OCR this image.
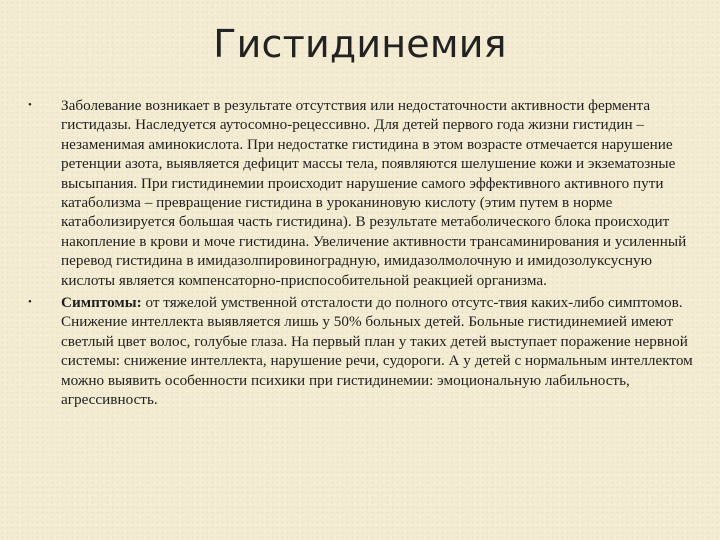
Гистидинемия
• Заболевание возникает в результате отсутствия или недостаточности активности фермента гистидазы. Наследуется аутосомно-рецессивно. Для детей первого года жизни гистидин – незаменимая аминокислота. При недостатке гистидина в этом возрасте отмечается нарушение ретенции азота, выявляется дефицит массы тела, появляются шелушение кожи и экзематозные высыпания. При гистидинемии происходит нарушение самого эффективного активного пути катаболизма – превращение гистидина в уроканиновую кислоту (этим путем в норме катаболизируется большая часть гистидина). В результате метаболического блока происходит накопление в крови и моче гистидина. Увеличение активности трансаминирования и усиленный перевод гистидина в имидазолпировиноградную, имидазолмолочную и имидозолуксусную кислоты является компенсаторно-приспособительной реакцией организма.
• Симптомы: от тяжелой умственной отсталости до полного отсутс-твия каких-либо симптомов. Снижение интеллекта выявляется лишь у 50% больных детей. Больные гистидинемией имеют светлый цвет волос, голубые глаза. На первый план у таких детей выступает поражение нервной системы: снижение интеллекта, нарушение речи, судороги. А у детей с нормальным интеллектом можно выявить особенности психики при гистидинемии: эмоциональную лабильность, агрессивность.
